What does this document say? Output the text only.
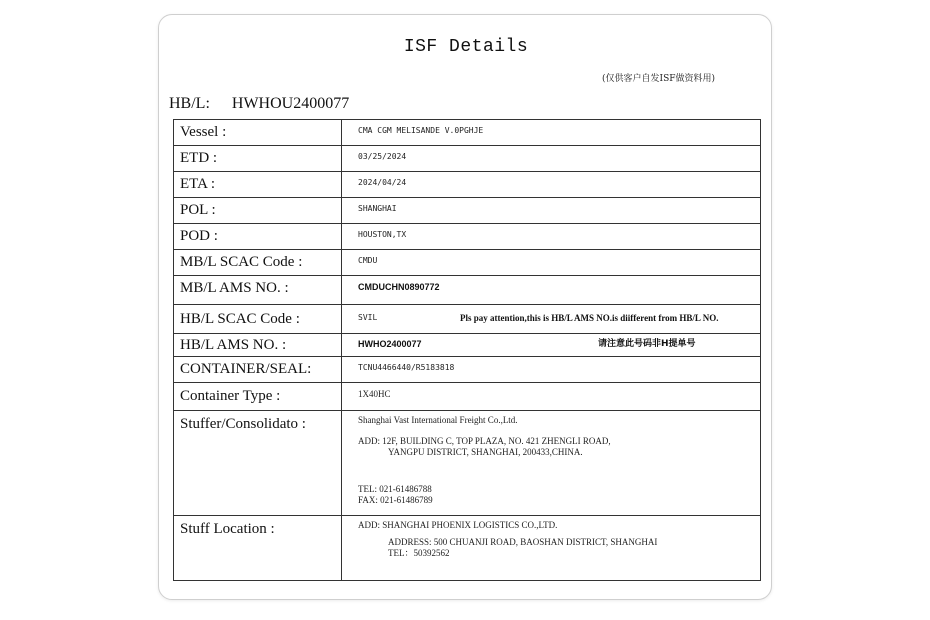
ISF Details
(仅供客户自发ISF做资料用)
HB/L: HWHOU2400077
Vessel :	CMA CGM MELISANDE V.0PGHJE
ETD :	03/25/2024
ETA :	2024/04/24
POL :	SHANGHAI
POD :	HOUSTON,TX
MB/L SCAC Code :	CMDU
MB/L AMS NO. :	CMDUCHN0890772
HB/L SCAC Code :	SVIL	Pls pay attention,this is HB/L AMS NO.is diifferent from HB/L NO.
HB/L AMS NO. :	HWHO2400077	请注意此号码非H提单号
CONTAINER/SEAL:	TCNU4466440/R5183818
Container Type :	1X40HC
Stuffer/Consolidato :	Shanghai Vast International Freight Co.,Ltd.
ADD: 12F, BUILDING C, TOP PLAZA, NO. 421 ZHENGLI ROAD,
YANGPU DISTRICT, SHANGHAI, 200433,CHINA.
TEL: 021-61486788
FAX: 021-61486789
Stuff Location :	ADD: SHANGHAI PHOENIX LOGISTICS CO.,LTD.
ADDRESS: 500 CHUANJI ROAD, BAOSHAN DISTRICT, SHANGHAI
TEL：50392562
